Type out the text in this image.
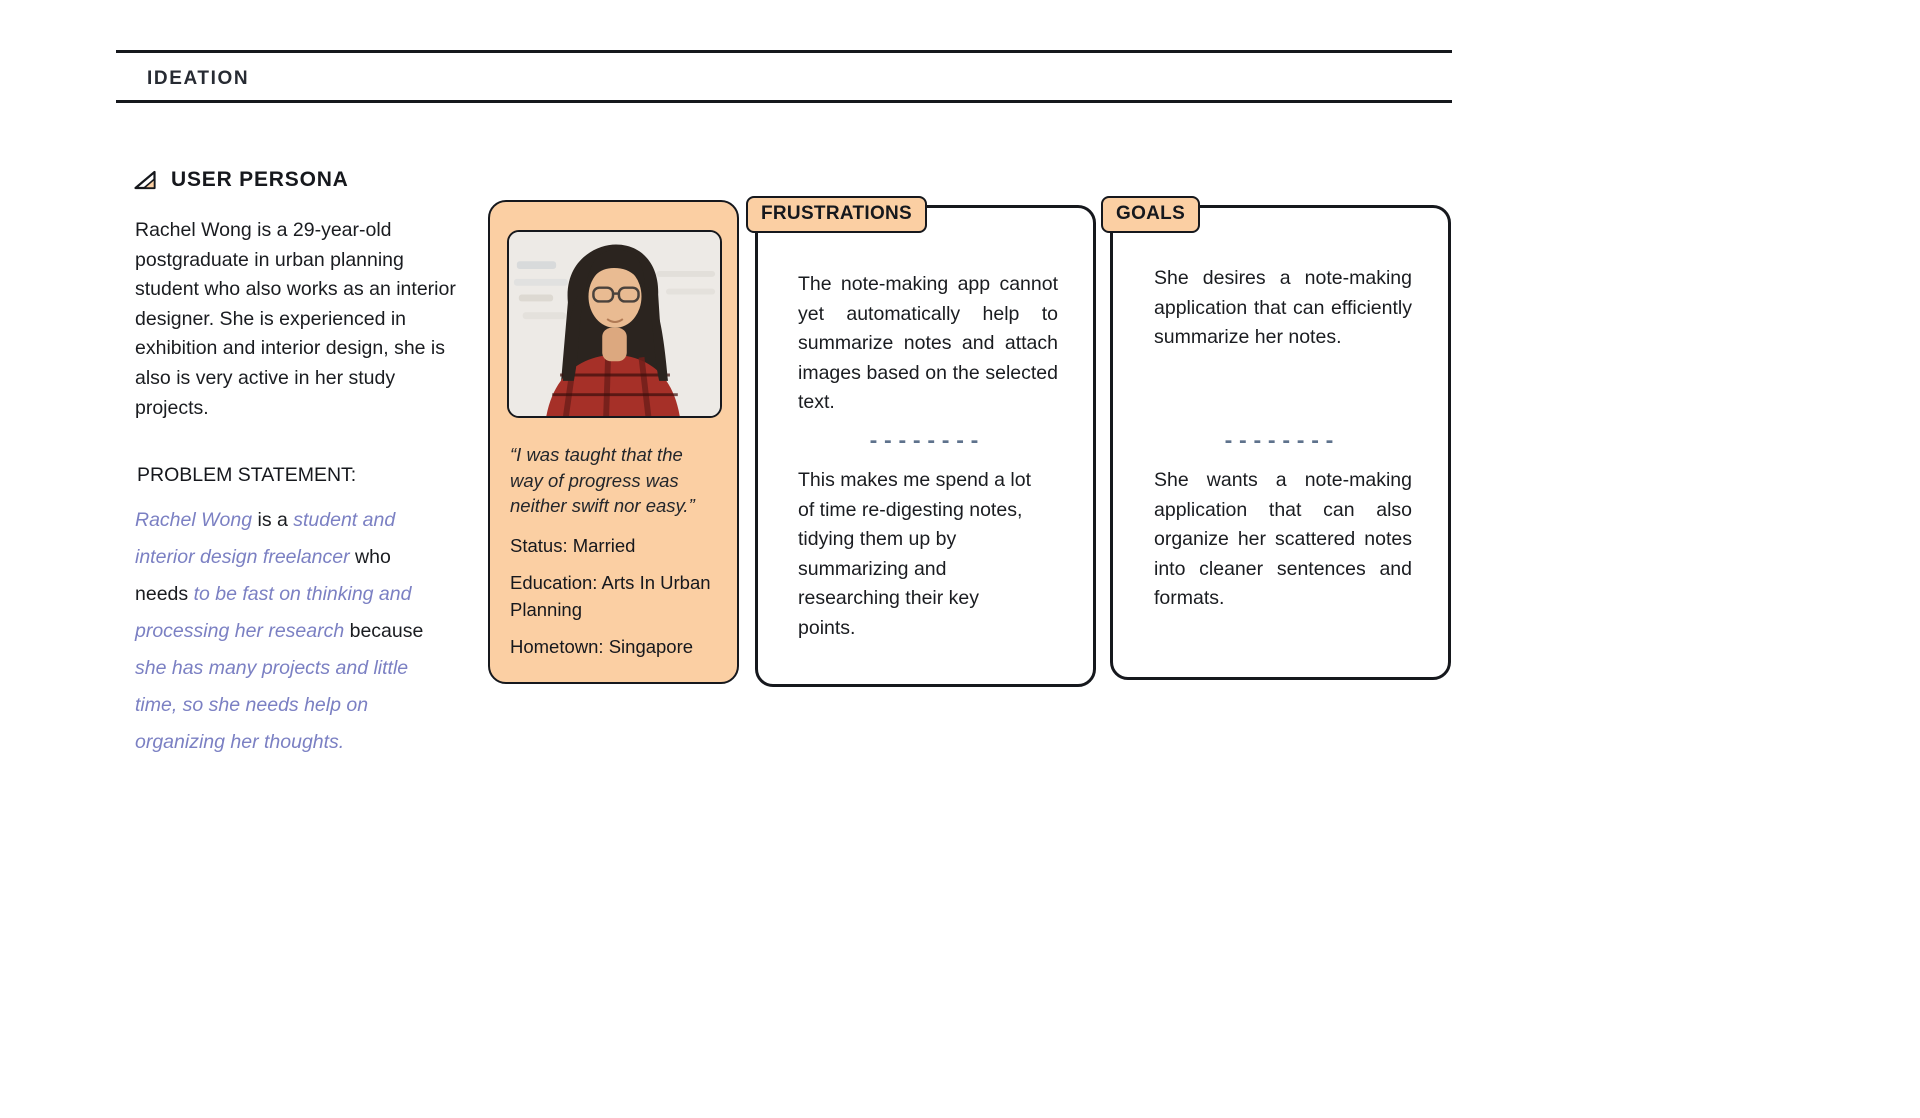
IDEATION
USER PERSONA

Rachel Wong is a 29-year-old postgraduate in urban planning student who also works as an interior designer. She is experienced in exhibition and interior design, she is also is very active in her study projects.

PROBLEM STATEMENT:

Rachel Wong is a student and interior design freelancer who needs to be fast on thinking and processing her research because she has many projects and little time, so she needs help on organizing her thoughts.

“I was taught that the way of progress was neither swift nor easy.”

Status: Married
Education: Arts In Urban Planning
Hometown: Singapore
FRUSTRATIONS

The note-making app cannot yet automatically help to summarize notes and attach images based on the selected text.

--------

This makes me spend a lot of time re-digesting notes, tidying them up by summarizing and researching their key points.

GOALS

She desires a note-making application that can efficiently summarize her notes.

--------

She wants a note-making application that can also organize her scattered notes into cleaner sentences and formats.
